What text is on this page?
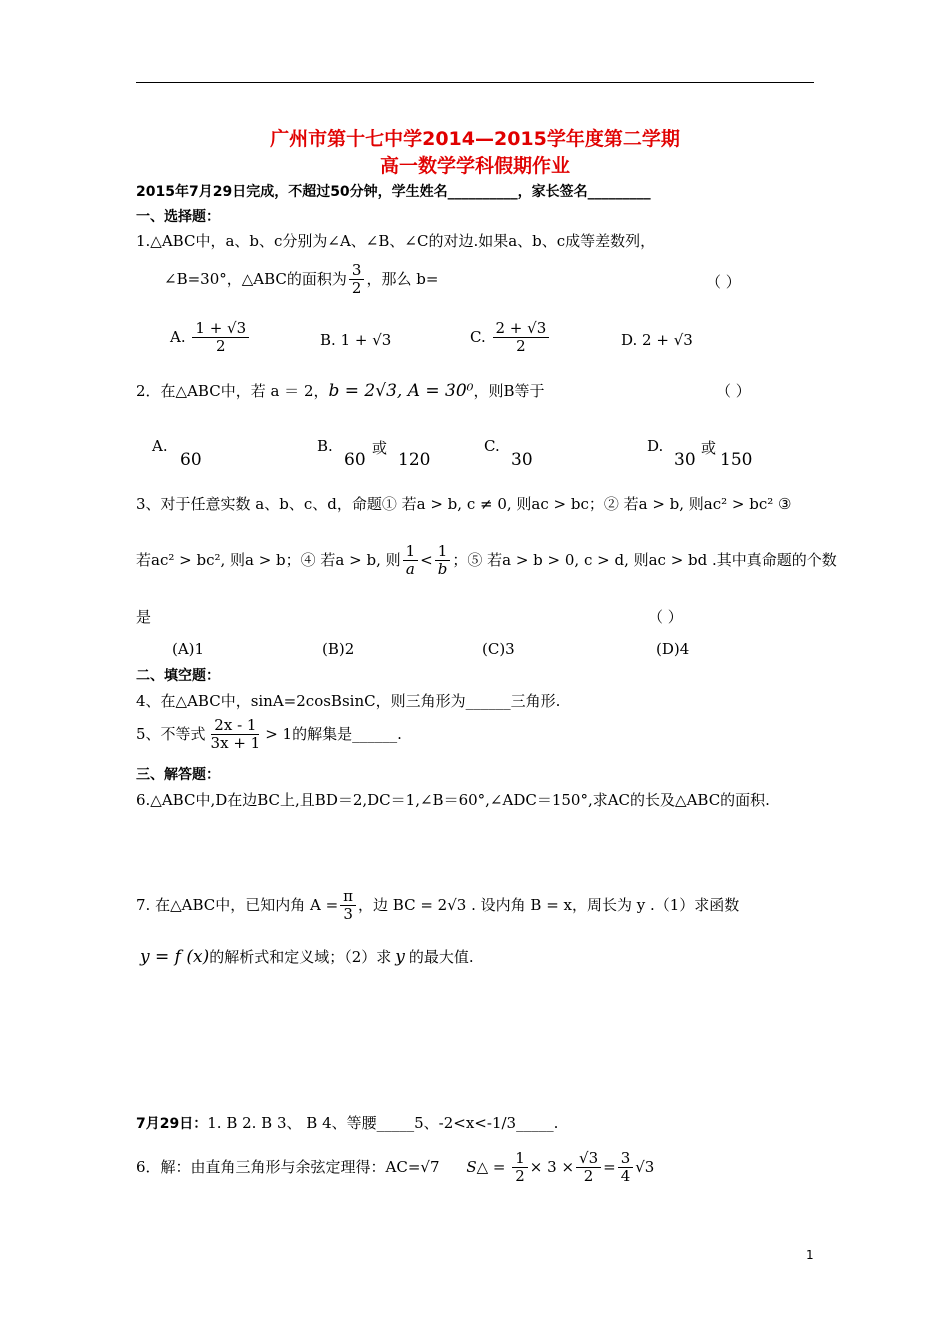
广州市第十七中学2014—2015学年度第二学期
高一数学学科假期作业
2015年7月29日完成，不超过50分钟，学生姓名__________，家长签名_________
一、选择题：
1.△ABC中，a、b、c分别为∠A、∠B、∠C的对边.如果a、b、c成等差数列，
∠B=30°，△ABC的面积为 $\frac{3}{2}$ ，那么 b=	（ ）
A. $\frac{1 + √3}{2}$	B. 1 + √3	C. $\frac{2 + √3}{2}$	D. 2 + √3
2．在△ABC中，若 a ＝ 2，b = 2√3, A = 30⁰，则B等于	（ ）
A.
60
B.
60
或
120
C.
30
D.
30
或
150
3、对于任意实数 a、b、c、d，命题① 若a > b, c ≠ 0, 则ac > bc；② 若a > b, 则ac² > bc² ③
若ac² > bc², 则a > b；④ 若a > b, 则 $\frac{1}{a} < \frac{1}{b}$ ；⑤ 若a > b > 0, c > d, 则ac > bd .其中真命题的个数
是	（ ）
(A)1	(B)2	(C)3	(D)4
二、填空题：
4、在△ABC中，sinA=2cosBsinC，则三角形为______三角形.
5、不等式 $\frac{2x - 1}{3x + 1} > 1$的解集是______.
三、解答题：
6.△ABC中,D在边BC上,且BD＝2,DC＝1,∠B＝60°,∠ADC＝150°,求AC的长及△ABC的面积.
7. 在△ABC中，已知内角 $A = \frac{\pi}{3}$ ，边 BC = 2√3 . 设内角 B = x，周长为 y .（1）求函数
y = f (x)的解析式和定义域；（2）求 y 的最大值.
7月29日：1. B 2. B 3、 B 4、等腰_____5、-2<x<-1/3_____.
6．解：由直角三角形与余弦定理得：AC=√7 S△ = $\frac{1}{2} \times 3 \times \frac{√3}{2} = \frac{3}{4} √3$
1
